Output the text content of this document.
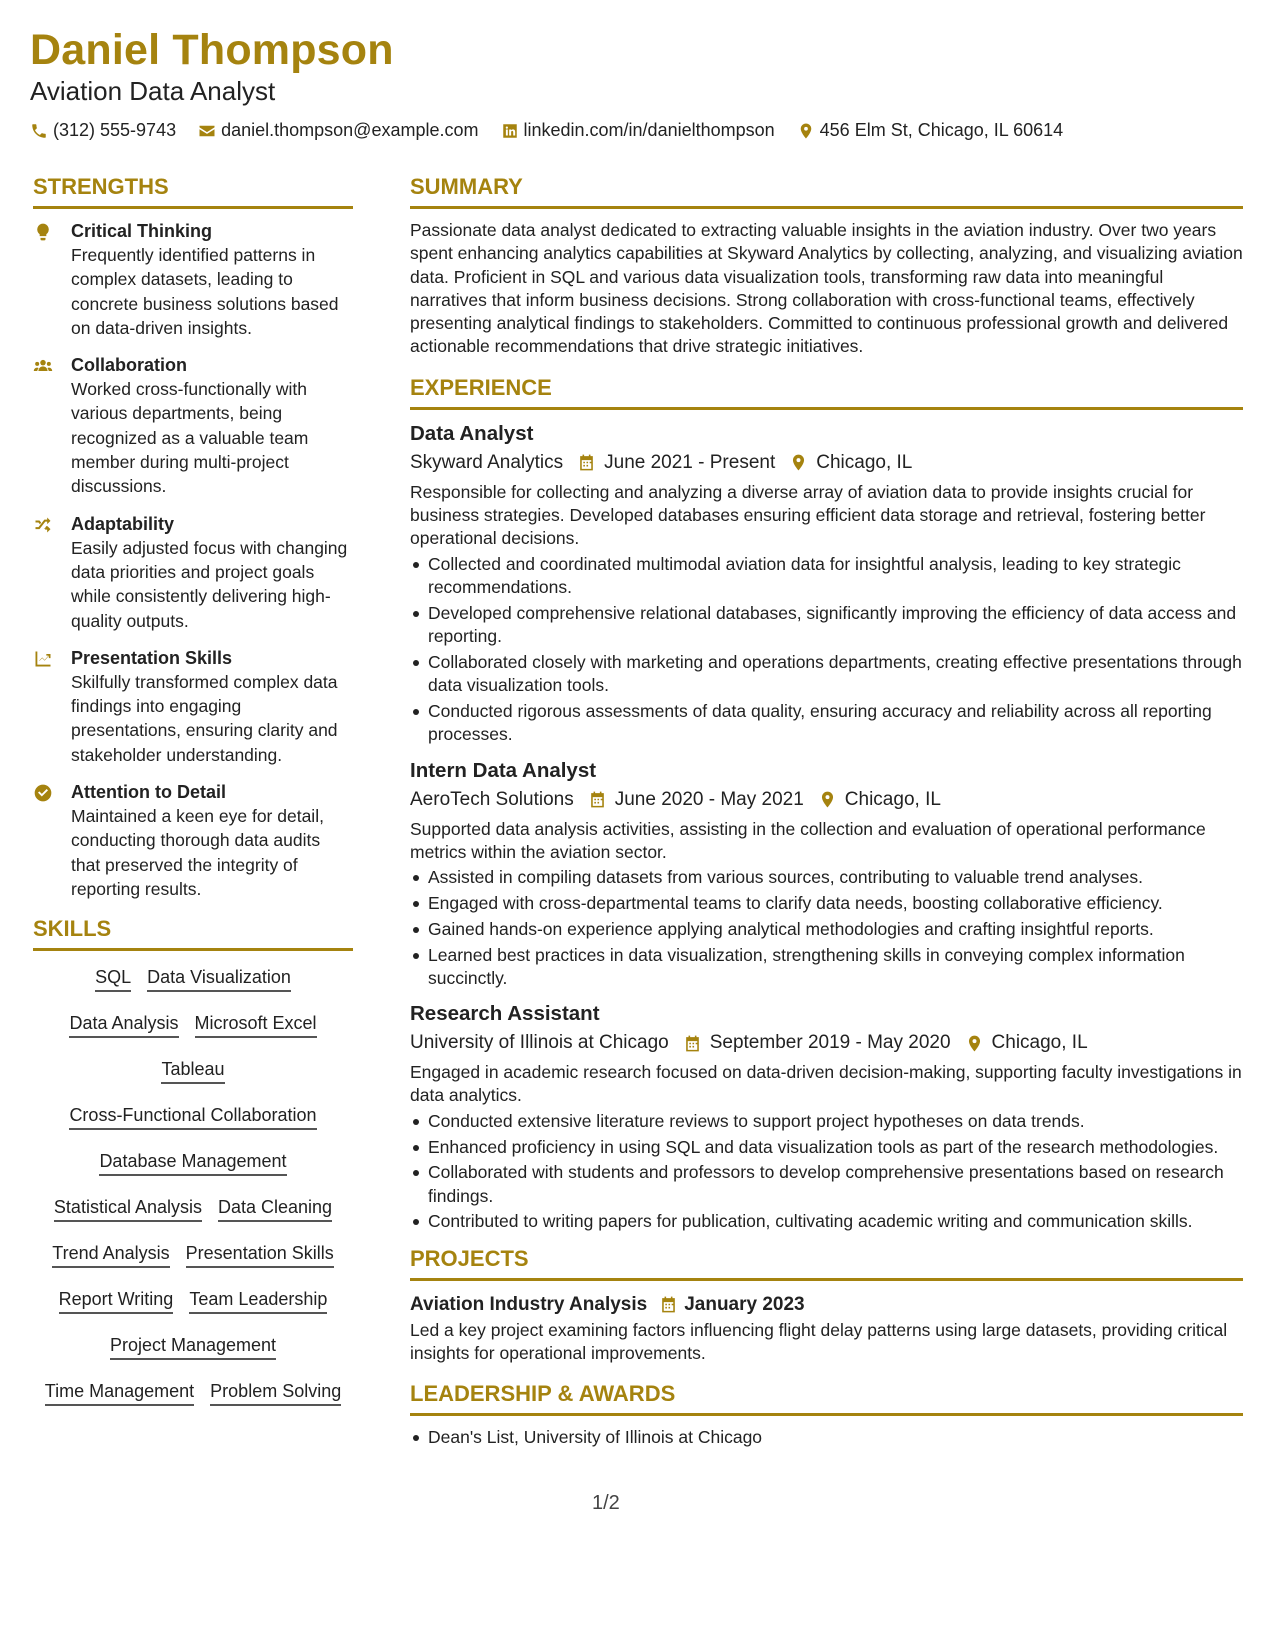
Daniel Thompson
Aviation Data Analyst
(312) 555-9743	daniel.thompson@example.com	linkedin.com/in/danielthompson	456 Elm St, Chicago, IL 60614
STRENGTHS
Critical Thinking
Frequently identified patterns in complex datasets, leading to concrete business solutions based on data-driven insights.
Collaboration
Worked cross-functionally with various departments, being recognized as a valuable team member during multi-project discussions.
Adaptability
Easily adjusted focus with changing data priorities and project goals while consistently delivering high-quality outputs.
Presentation Skills
Skilfully transformed complex data findings into engaging presentations, ensuring clarity and stakeholder understanding.
Attention to Detail
Maintained a keen eye for detail, conducting thorough data audits that preserved the integrity of reporting results.
SKILLS
SQL Data Visualization
Data Analysis Microsoft Excel
Tableau
Cross-Functional Collaboration
Database Management
Statistical Analysis Data Cleaning
Trend Analysis Presentation Skills
Report Writing Team Leadership
Project Management
Time Management Problem Solving
SUMMARY
Passionate data analyst dedicated to extracting valuable insights in the aviation industry. Over two years spent enhancing analytics capabilities at Skyward Analytics by collecting, analyzing, and visualizing aviation data. Proficient in SQL and various data visualization tools, transforming raw data into meaningful narratives that inform business decisions. Strong collaboration with cross-functional teams, effectively presenting analytical findings to stakeholders. Committed to continuous professional growth and delivered actionable recommendations that drive strategic initiatives.
EXPERIENCE
Data Analyst
Skyward Analytics June 2021 - Present Chicago, IL
Responsible for collecting and analyzing a diverse array of aviation data to provide insights crucial for business strategies. Developed databases ensuring efficient data storage and retrieval, fostering better operational decisions.
Collected and coordinated multimodal aviation data for insightful analysis, leading to key strategic recommendations.
Developed comprehensive relational databases, significantly improving the efficiency of data access and reporting.
Collaborated closely with marketing and operations departments, creating effective presentations through data visualization tools.
Conducted rigorous assessments of data quality, ensuring accuracy and reliability across all reporting processes.
Intern Data Analyst
AeroTech Solutions June 2020 - May 2021 Chicago, IL
Supported data analysis activities, assisting in the collection and evaluation of operational performance metrics within the aviation sector.
Assisted in compiling datasets from various sources, contributing to valuable trend analyses.
Engaged with cross-departmental teams to clarify data needs, boosting collaborative efficiency.
Gained hands-on experience applying analytical methodologies and crafting insightful reports.
Learned best practices in data visualization, strengthening skills in conveying complex information succinctly.
Research Assistant
University of Illinois at Chicago September 2019 - May 2020 Chicago, IL
Engaged in academic research focused on data-driven decision-making, supporting faculty investigations in data analytics.
Conducted extensive literature reviews to support project hypotheses on data trends.
Enhanced proficiency in using SQL and data visualization tools as part of the research methodologies.
Collaborated with students and professors to develop comprehensive presentations based on research findings.
Contributed to writing papers for publication, cultivating academic writing and communication skills.
PROJECTS
Aviation Industry Analysis January 2023
Led a key project examining factors influencing flight delay patterns using large datasets, providing critical insights for operational improvements.
LEADERSHIP & AWARDS
Dean's List, University of Illinois at Chicago
1/2
